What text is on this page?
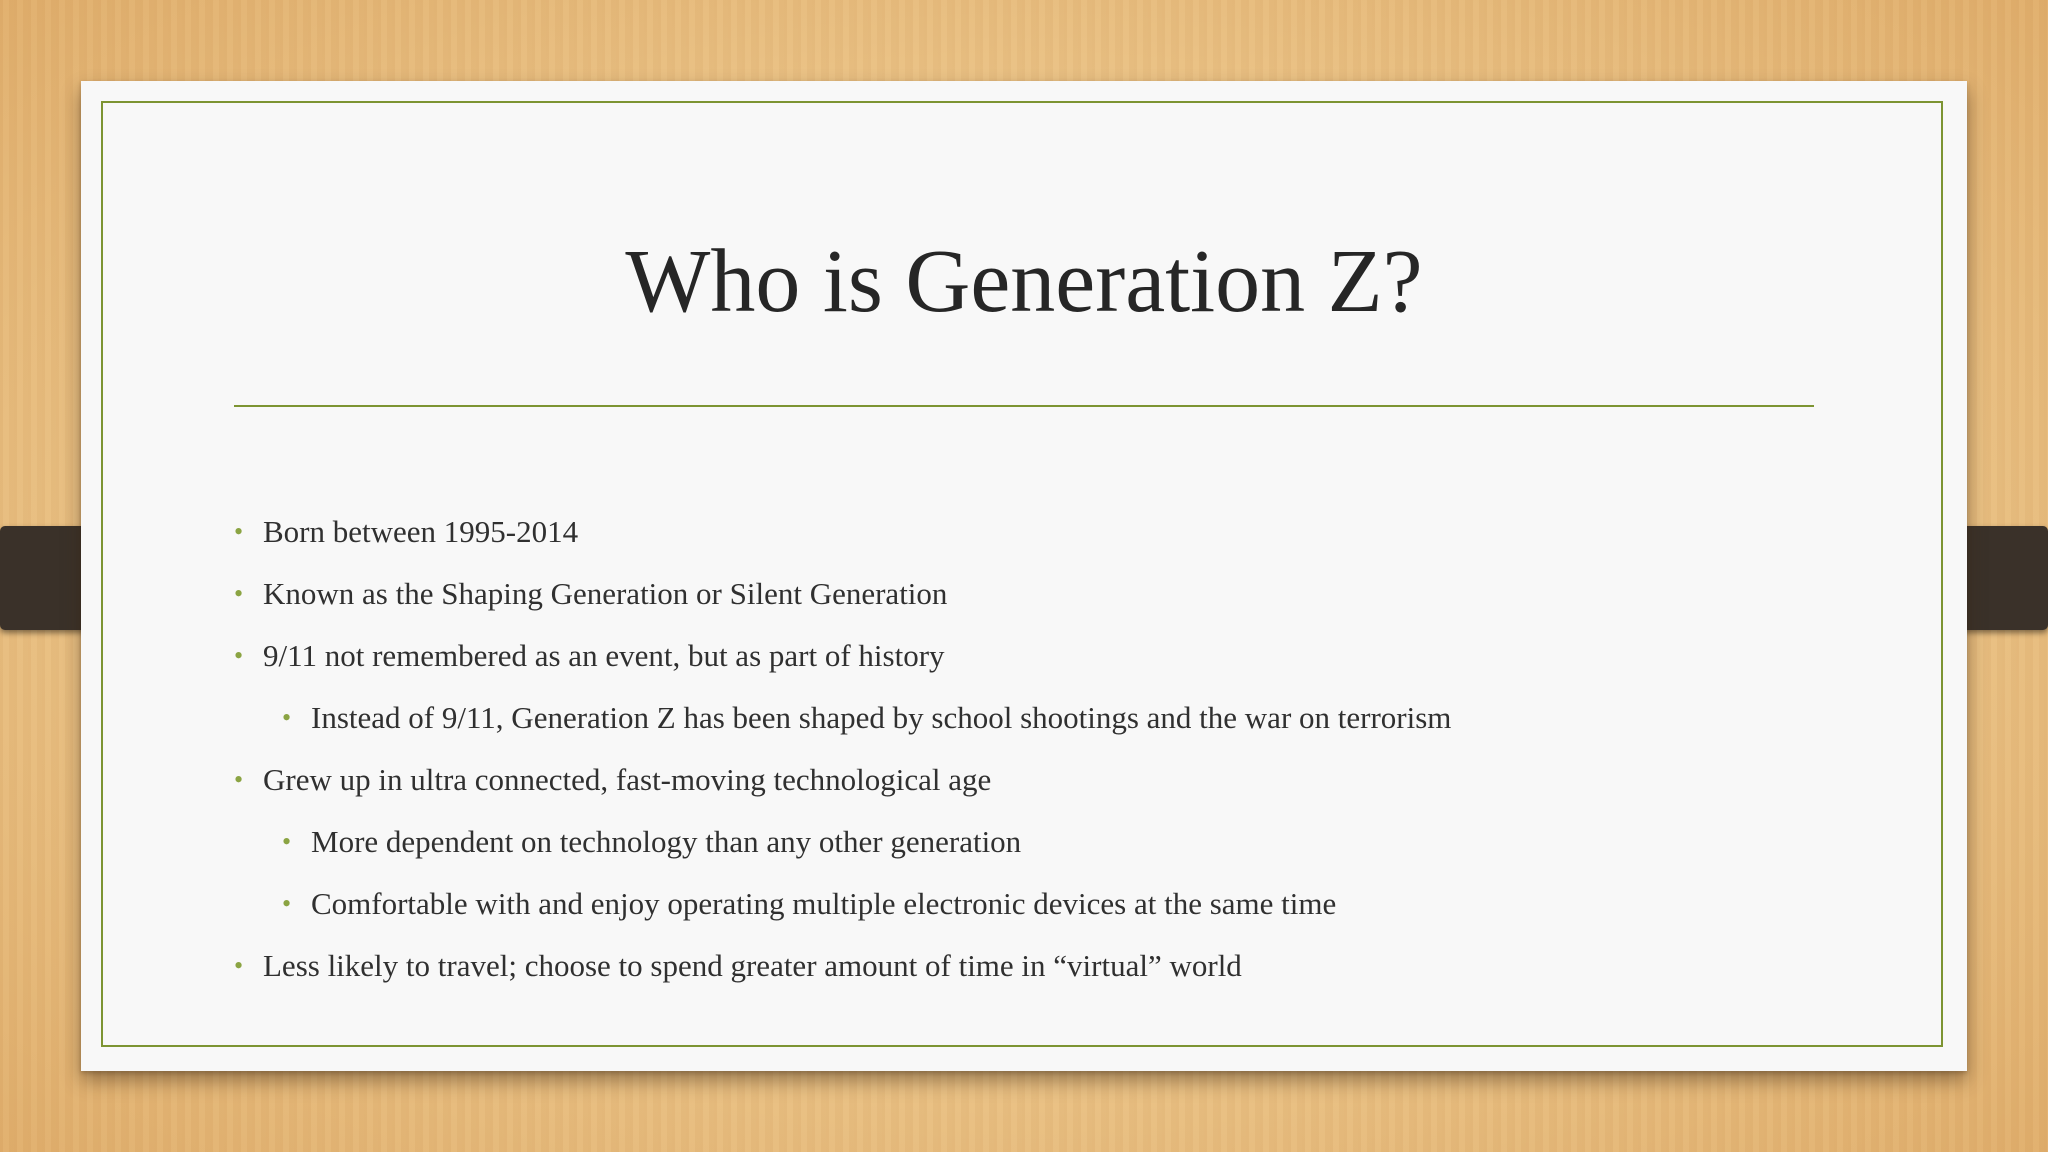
Who is Generation Z?
• Born between 1995-2014
• Known as the Shaping Generation or Silent Generation
• 9/11 not remembered as an event, but as part of history
• Instead of 9/11, Generation Z has been shaped by school shootings and the war on terrorism
• Grew up in ultra connected, fast-moving technological age
• More dependent on technology than any other generation
• Comfortable with and enjoy operating multiple electronic devices at the same time
• Less likely to travel; choose to spend greater amount of time in “virtual” world
